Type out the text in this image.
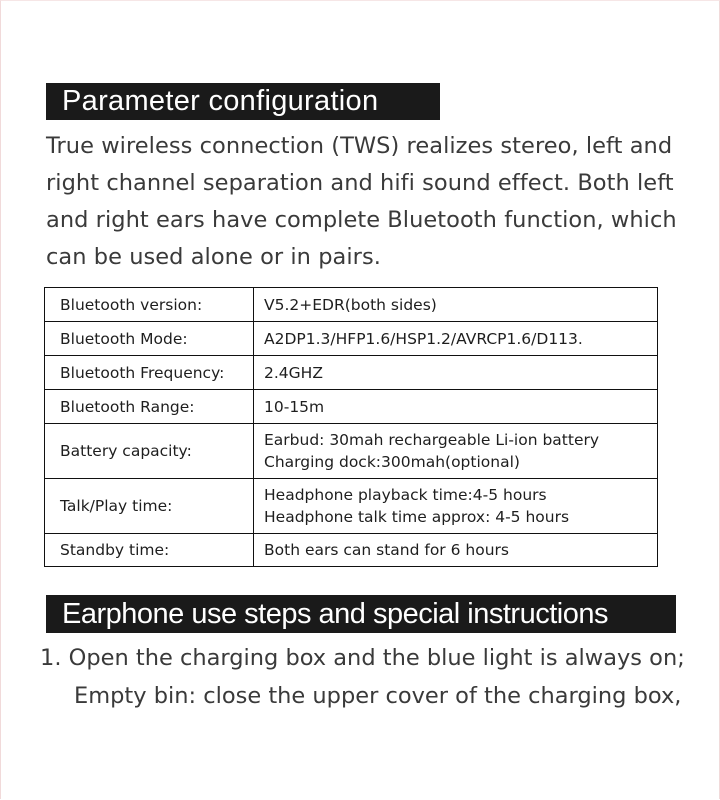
Parameter configuration
True wireless connection (TWS) realizes stereo, left and
right channel separation and hifi sound effect. Both left
and right ears have complete Bluetooth function, which
can be used alone or in pairs.
Bluetooth version:	V5.2+EDR(both sides)
Bluetooth Mode:	A2DP1.3/HFP1.6/HSP1.2/AVRCP1.6/D113.
Bluetooth Frequency:	2.4GHZ
Bluetooth Range:	10-15m
Battery capacity:	Earbud: 30mah rechargeable Li-ion battery
Charging dock:300mah(optional)

Talk/Play time:	Headphone playback time:4-5 hours
Headphone talk time approx: 4-5 hours

Standby time:	Both ears can stand for 6 hours
Earphone use steps and special instructions
1. Open the charging box and the blue light is always on;
Empty bin: close the upper cover of the charging box,
